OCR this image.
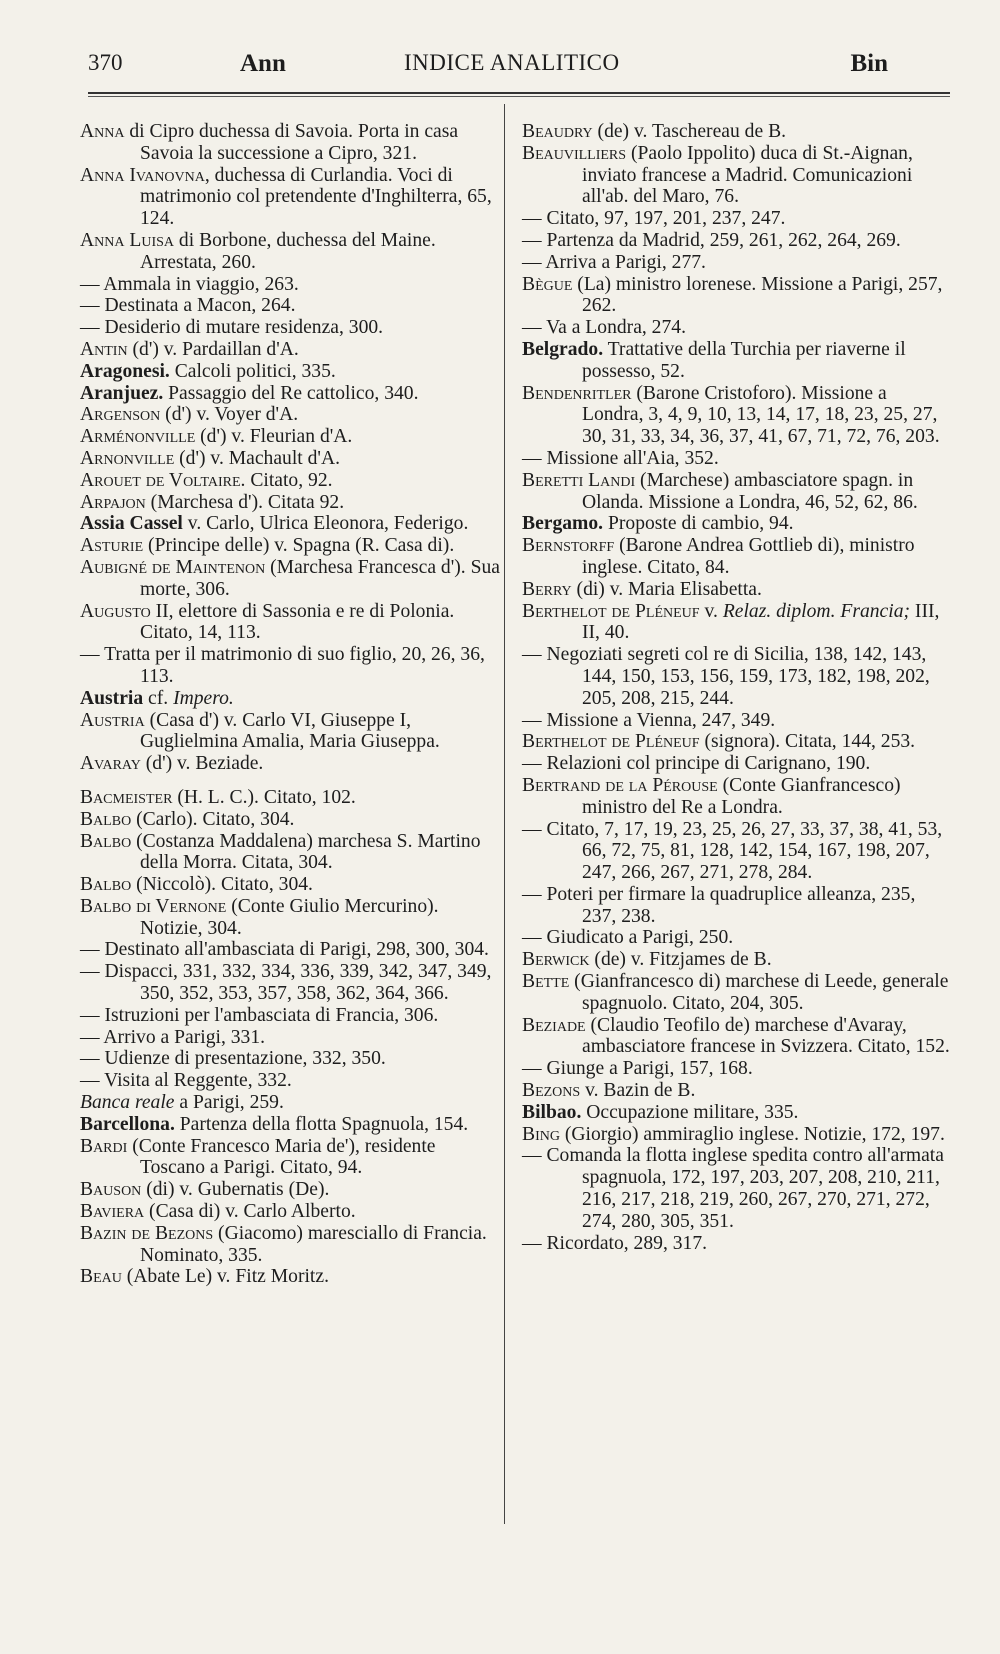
370	Ann	INDICE ANALITICO	Bin

Anna di Cipro duchessa di Savoia. Porta in casa Savoia la successione a Cipro, 321.

Anna Ivanovna, duchessa di Curlandia. Voci di matrimonio col pretendente d'Inghilterra, 65, 124.

Anna Luisa di Borbone, duchessa del Maine. Arrestata, 260.

— Ammala in viaggio, 263.

— Destinata a Macon, 264.

— Desiderio di mutare residenza, 300.

Antin (d') v. Pardaillan d'A.

Aragonesi. Calcoli politici, 335.

Aranjuez. Passaggio del Re cattolico, 340.

Argenson (d') v. Voyer d'A.

Arménonville (d') v. Fleurian d'A.

Arnonville (d') v. Machault d'A.

Arouet de Voltaire. Citato, 92.

Arpajon (Marchesa d'). Citata 92.

Assia Cassel v. Carlo, Ulrica Eleonora, Federigo.

Asturie (Principe delle) v. Spagna (R. Casa di).

Aubigné de Maintenon (Marchesa Francesca d'). Sua morte, 306.

Augusto II, elettore di Sassonia e re di Polonia. Citato, 14, 113.

— Tratta per il matrimonio di suo figlio, 20, 26, 36, 113.

Austria cf. Impero.

Austria (Casa d') v. Carlo VI, Giuseppe I, Guglielmina Amalia, Maria Giuseppa.

Avaray (d') v. Beziade.

Bacmeister (H. L. C.). Citato, 102.

Balbo (Carlo). Citato, 304.

Balbo (Costanza Maddalena) marchesa S. Martino della Morra. Citata, 304.

Balbo (Niccolò). Citato, 304.

Balbo di Vernone (Conte Giulio Mercurino). Notizie, 304.

— Destinato all'ambasciata di Parigi, 298, 300, 304.

— Dispacci, 331, 332, 334, 336, 339, 342, 347, 349, 350, 352, 353, 357, 358, 362, 364, 366.

— Istruzioni per l'ambasciata di Francia, 306.

— Arrivo a Parigi, 331.

— Udienze di presentazione, 332, 350.

— Visita al Reggente, 332.

Banca reale a Parigi, 259.

Barcellona. Partenza della flotta Spagnuola, 154.

Bardi (Conte Francesco Maria de'), residente Toscano a Parigi. Citato, 94.

Bauson (di) v. Gubernatis (De).

Baviera (Casa di) v. Carlo Alberto.

Bazin de Bezons (Giacomo) maresciallo di Francia. Nominato, 335.

Beau (Abate Le) v. Fitz Moritz.

Beaudry (de) v. Taschereau de B.

Beauvilliers (Paolo Ippolito) duca di St.-Aignan, inviato francese a Madrid. Comunicazioni all'ab. del Maro, 76.

— Citato, 97, 197, 201, 237, 247.

— Partenza da Madrid, 259, 261, 262, 264, 269.

— Arriva a Parigi, 277.

Bègue (La) ministro lorenese. Missione a Parigi, 257, 262.

— Va a Londra, 274.

Belgrado. Trattative della Turchia per riaverne il possesso, 52.

Bendenritler (Barone Cristoforo). Missione a Londra, 3, 4, 9, 10, 13, 14, 17, 18, 23, 25, 27, 30, 31, 33, 34, 36, 37, 41, 67, 71, 72, 76, 203.

— Missione all'Aia, 352.

Beretti Landi (Marchese) ambasciatore spagn. in Olanda. Missione a Londra, 46, 52, 62, 86.

Bergamo. Proposte di cambio, 94.

Bernstorff (Barone Andrea Gottlieb di), ministro inglese. Citato, 84.

Berry (di) v. Maria Elisabetta.

Berthelot de Pléneuf v. Relaz. diplom. Francia; III, II, 40.

— Negoziati segreti col re di Sicilia, 138, 142, 143, 144, 150, 153, 156, 159, 173, 182, 198, 202, 205, 208, 215, 244.

— Missione a Vienna, 247, 349.

Berthelot de Pléneuf (signora). Citata, 144, 253.

— Relazioni col principe di Carignano, 190.

Bertrand de la Pérouse (Conte Gianfrancesco) ministro del Re a Londra.

— Citato, 7, 17, 19, 23, 25, 26, 27, 33, 37, 38, 41, 53, 66, 72, 75, 81, 128, 142, 154, 167, 198, 207, 247, 266, 267, 271, 278, 284.

— Poteri per firmare la quadruplice alleanza, 235, 237, 238.

— Giudicato a Parigi, 250.

Berwick (de) v. Fitzjames de B.

Bette (Gianfrancesco di) marchese di Leede, generale spagnuolo. Citato, 204, 305.

Beziade (Claudio Teofilo de) marchese d'Avaray, ambasciatore francese in Svizzera. Citato, 152.

— Giunge a Parigi, 157, 168.

Bezons v. Bazin de B.

Bilbao. Occupazione militare, 335.

Bing (Giorgio) ammiraglio inglese. Notizie, 172, 197.

— Comanda la flotta inglese spedita contro all'armata spagnuola, 172, 197, 203, 207, 208, 210, 211, 216, 217, 218, 219, 260, 267, 270, 271, 272, 274, 280, 305, 351.

— Ricordato, 289, 317.
